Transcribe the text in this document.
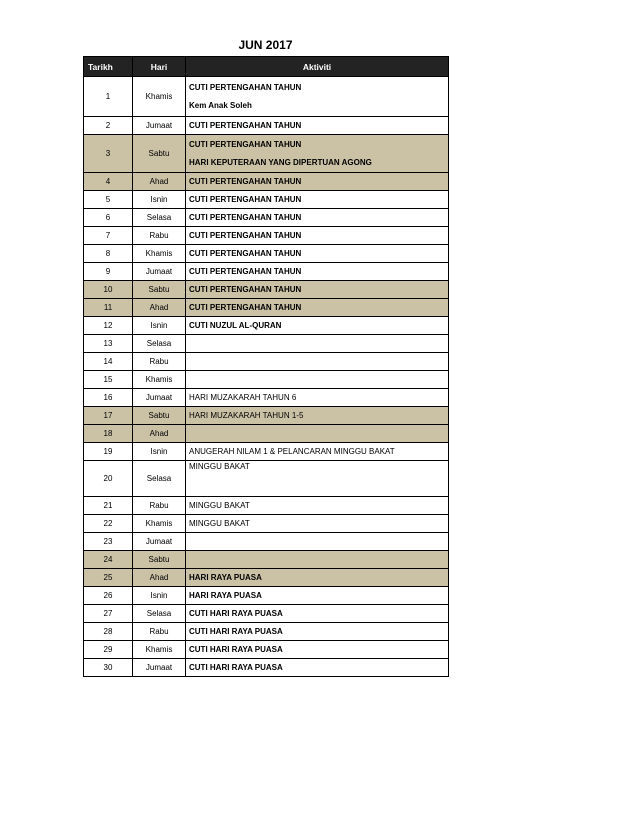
JUN 2017
Tarikh	Hari	Aktiviti
1	Khamis	CUTI PERTENGAHAN TAHUN
Kem Anak Soleh

2	Jumaat	CUTI PERTENGAHAN TAHUN

3	Sabtu	CUTI PERTENGAHAN TAHUN
HARI KEPUTERAAN YANG DIPERTUAN AGONG

4	Ahad	CUTI PERTENGAHAN TAHUN

5	Isnin	CUTI PERTENGAHAN TAHUN

6	Selasa	CUTI PERTENGAHAN TAHUN

7	Rabu	CUTI PERTENGAHAN TAHUN

8	Khamis	CUTI PERTENGAHAN TAHUN

9	Jumaat	CUTI PERTENGAHAN TAHUN

10	Sabtu	CUTI PERTENGAHAN TAHUN

11	Ahad	CUTI PERTENGAHAN TAHUN

12	Isnin	CUTI NUZUL AL-QURAN

13	Selasa	
14	Rabu	
15	Khamis	
16	Jumaat	HARI MUZAKARAH TAHUN 6

17	Sabtu	HARI MUZAKARAH TAHUN 1-5

18	Ahad	
19	Isnin	ANUGERAH NILAM 1 & PELANCARAN MINGGU BAKAT

20	Selasa	MINGGU BAKAT

21	Rabu	MINGGU BAKAT

22	Khamis	MINGGU BAKAT

23	Jumaat	
24	Sabtu	
25	Ahad	HARI RAYA PUASA

26	Isnin	HARI RAYA PUASA

27	Selasa	CUTI HARI RAYA PUASA

28	Rabu	CUTI HARI RAYA PUASA

29	Khamis	CUTI HARI RAYA PUASA

30	Jumaat	CUTI HARI RAYA PUASA
